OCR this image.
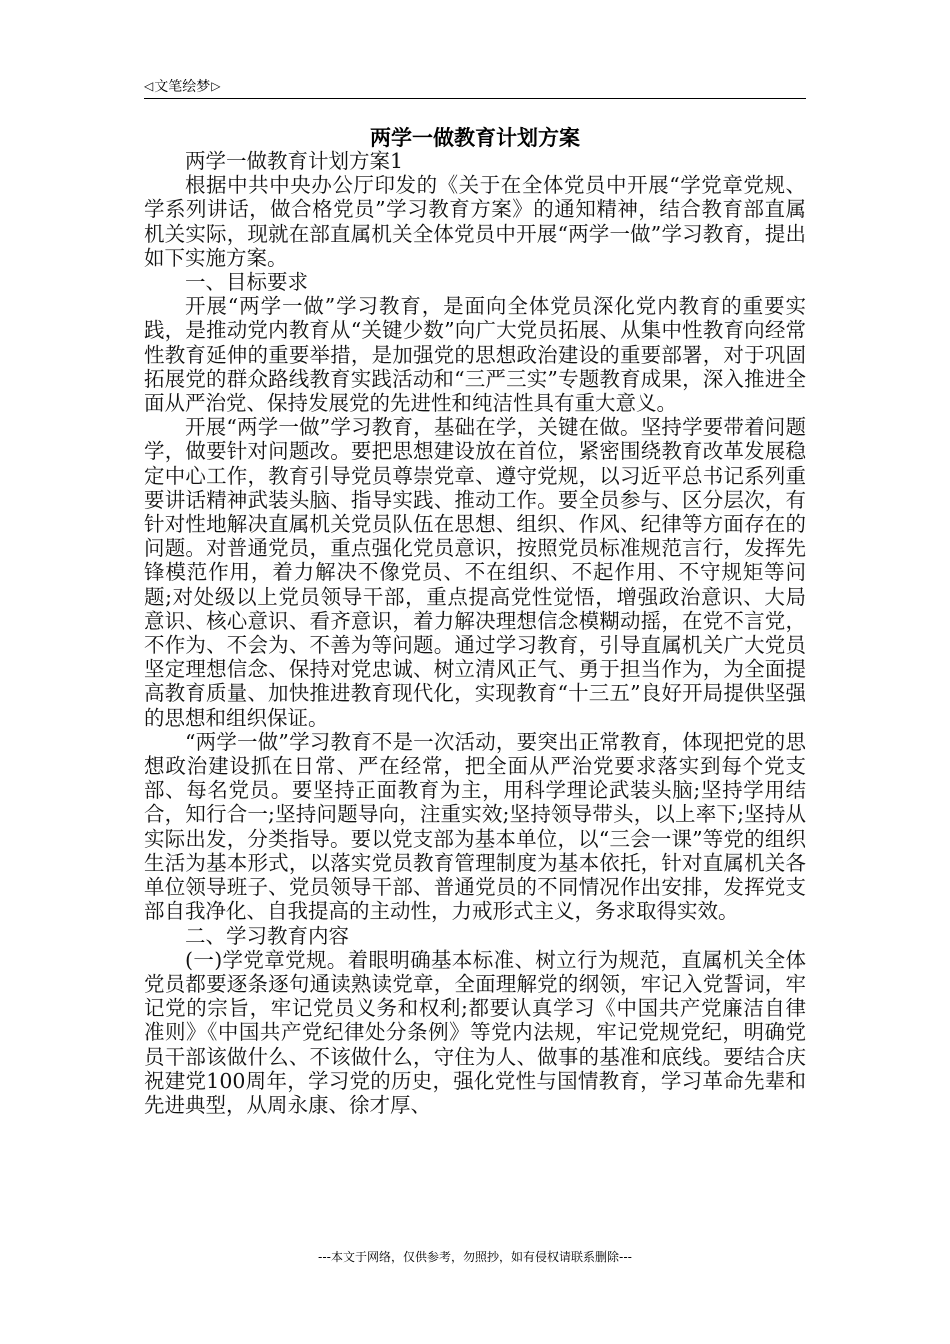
◁ 文笔绘梦 ▷
两学一做教育计划方案

两学一做教育计划方案1

根据中共中央办公厅印发的《关于在全体党员中开展“学党章党规、学系列讲话，做合格党员”学习教育方案》的通知精神，结合教育部直属机关实际，现就在部直属机关全体党员中开展“两学一做”学习教育，提出如下实施方案。

一、目标要求

开展“两学一做”学习教育，是面向全体党员深化党内教育的重要实践，是推动党内教育从“关键少数”向广大党员拓展、从集中性教育向经常性教育延伸的重要举措，是加强党的思想政治建设的重要部署，对于巩固拓展党的群众路线教育实践活动和“三严三实”专题教育成果，深入推进全面从严治党、保持发展党的先进性和纯洁性具有重大意义。

开展“两学一做”学习教育，基础在学，关键在做。坚持学要带着问题学，做要针对问题改。要把思想建设放在首位，紧密围绕教育改革发展稳定中心工作，教育引导党员尊崇党章、遵守党规，以习近平总书记系列重要讲话精神武装头脑、指导实践、推动工作。要全员参与、区分层次，有针对性地解决直属机关党员队伍在思想、组织、作风、纪律等方面存在的问题。对普通党员，重点强化党员意识，按照党员标准规范言行，发挥先锋模范作用，着力解决不像党员、不在组织、不起作用、不守规矩等问题;对处级以上党员领导干部，重点提高党性觉悟，增强政治意识、大局意识、核心意识、看齐意识，着力解决理想信念模糊动摇，在党不言党，不作为、不会为、不善为等问题。通过学习教育，引导直属机关广大党员坚定理想信念、保持对党忠诚、树立清风正气、勇于担当作为，为全面提高教育质量、加快推进教育现代化，实现教育“十三五”良好开局提供坚强的思想和组织保证。

“两学一做”学习教育不是一次活动，要突出正常教育，体现把党的思想政治建设抓在日常、严在经常，把全面从严治党要求落实到每个党支部、每名党员。要坚持正面教育为主，用科学理论武装头脑;坚持学用结合，知行合一;坚持问题导向，注重实效;坚持领导带头，以上率下;坚持从实际出发，分类指导。要以党支部为基本单位，以“三会一课”等党的组织生活为基本形式，以落实党员教育管理制度为基本依托，针对直属机关各单位领导班子、党员领导干部、普通党员的不同情况作出安排，发挥党支部自我净化、自我提高的主动性，力戒形式主义，务求取得实效。

二、学习教育内容

(一)学党章党规。着眼明确基本标准、树立行为规范，直属机关全体党员都要逐条逐句通读熟读党章，全面理解党的纲领，牢记入党誓词，牢记党的宗旨，牢记党员义务和权利;都要认真学习《中国共产党廉洁自律准则》《中国共产党纪律处分条例》等党内法规，牢记党规党纪，明确党员干部该做什么、不该做什么，守住为人、做事的基准和底线。要结合庆祝建党100周年，学习党的历史，强化党性与国情教育，学习革命先辈和先进典型，从周永康、徐才厚、

---本文于网络，仅供参考，勿照抄，如有侵权请联系删除---
